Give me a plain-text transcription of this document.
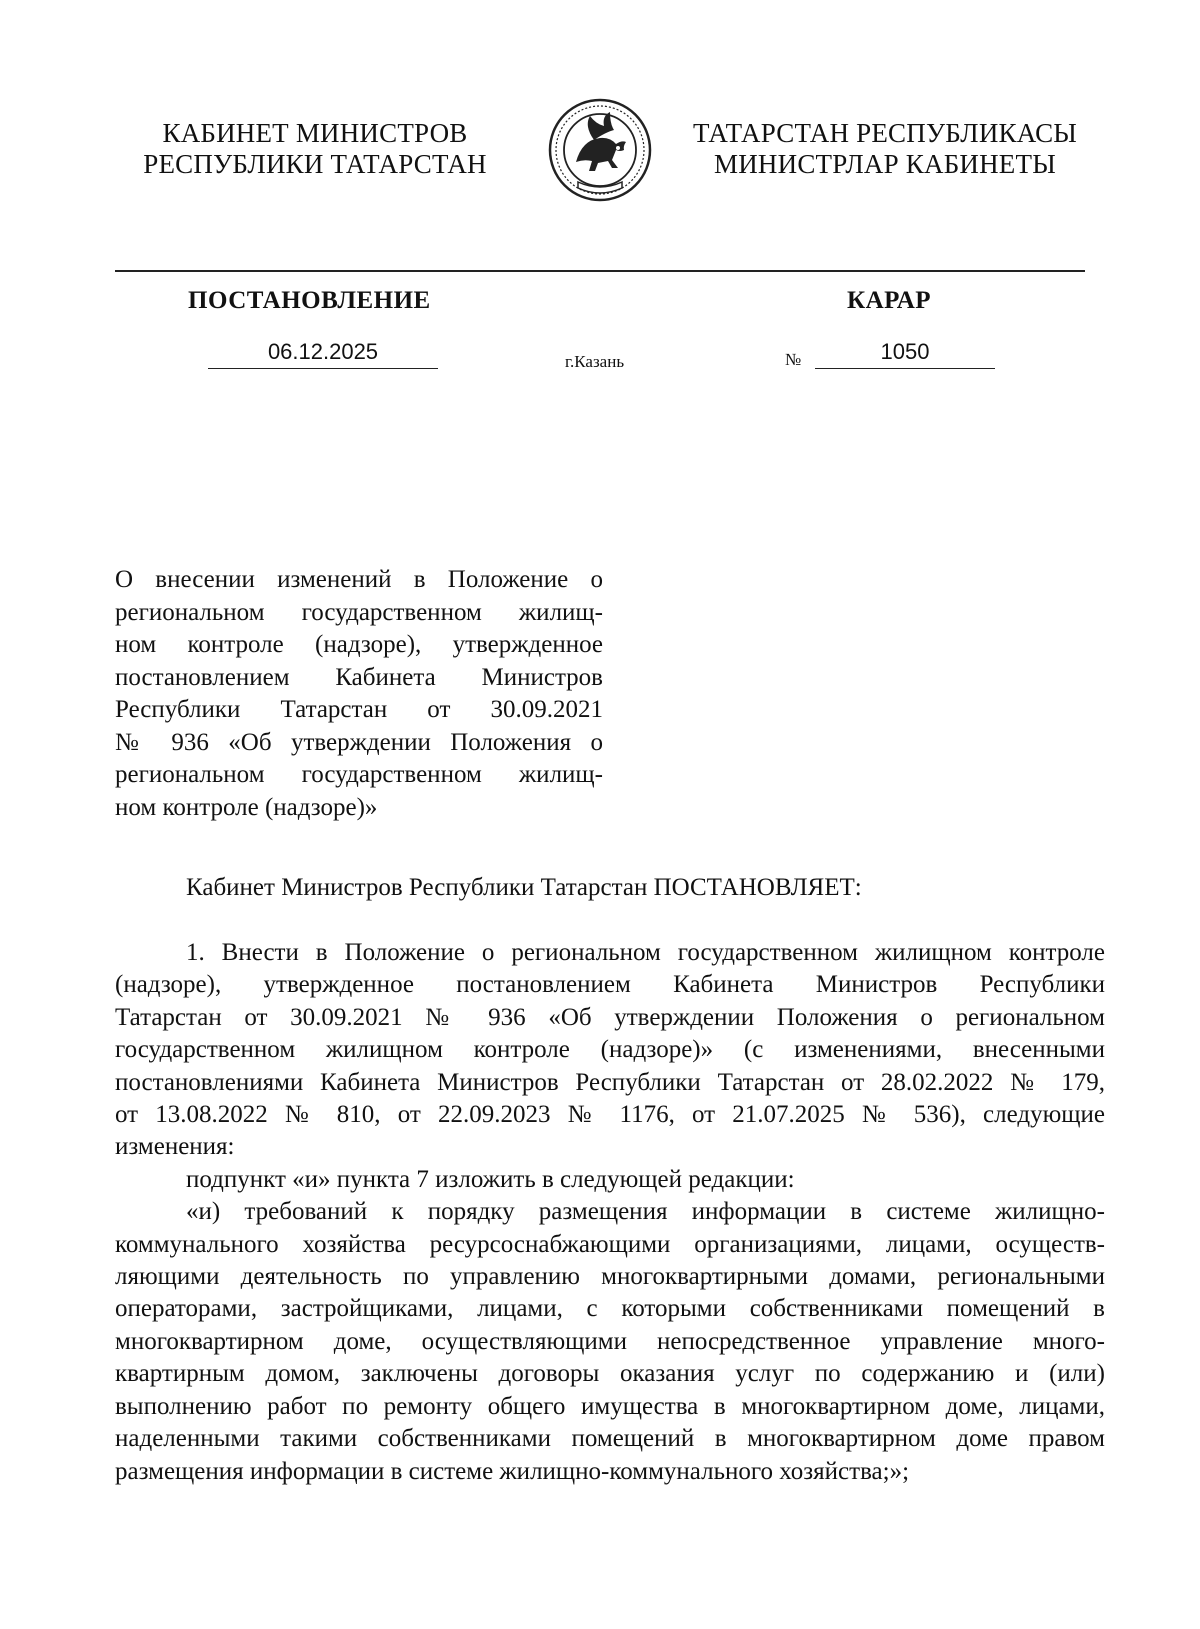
КАБИНЕТ МИНИСТРОВ
РЕСПУБЛИКИ ТАТАРСТАН
ТАТАРСТАН РЕСПУБЛИКАСЫ
МИНИСТРЛАР КАБИНЕТЫ
ПОСТАНОВЛЕНИЕ	КАРАР
06.12.2025	г.Казань	№	1050
О внесении изменений в Положение о
региональном государственном жилищ-
ном контроле (надзоре), утвержденное
постановлением Кабинета Министров
Республики Татарстан от 30.09.2021
№ 936 «Об утверждении Положения о
региональном государственном жилищ-
ном контроле (надзоре)»
Кабинет Министров Республики Татарстан ПОСТАНОВЛЯЕТ:
1. Внести в Положение о региональном государственном жилищном контроле
(надзоре), утвержденное постановлением Кабинета Министров Республики
Татарстан от 30.09.2021 № 936 «Об утверждении Положения о региональном
государственном жилищном контроле (надзоре)» (с изменениями, внесенными
постановлениями Кабинета Министров Республики Татарстан от 28.02.2022 № 179,
от 13.08.2022 № 810, от 22.09.2023 № 1176, от 21.07.2025 № 536), следующие
изменения:
подпункт «и» пункта 7 изложить в следующей редакции:
«и) требований к порядку размещения информации в системе жилищно-
коммунального хозяйства ресурсоснабжающими организациями, лицами, осуществ-
ляющими деятельность по управлению многоквартирными домами, региональными
операторами, застройщиками, лицами, с которыми собственниками помещений в
многоквартирном доме, осуществляющими непосредственное управление много-
квартирным домом, заключены договоры оказания услуг по содержанию и (или)
выполнению работ по ремонту общего имущества в многоквартирном доме, лицами,
наделенными такими собственниками помещений в многоквартирном доме правом
размещения информации в системе жилищно-коммунального хозяйства;»;
